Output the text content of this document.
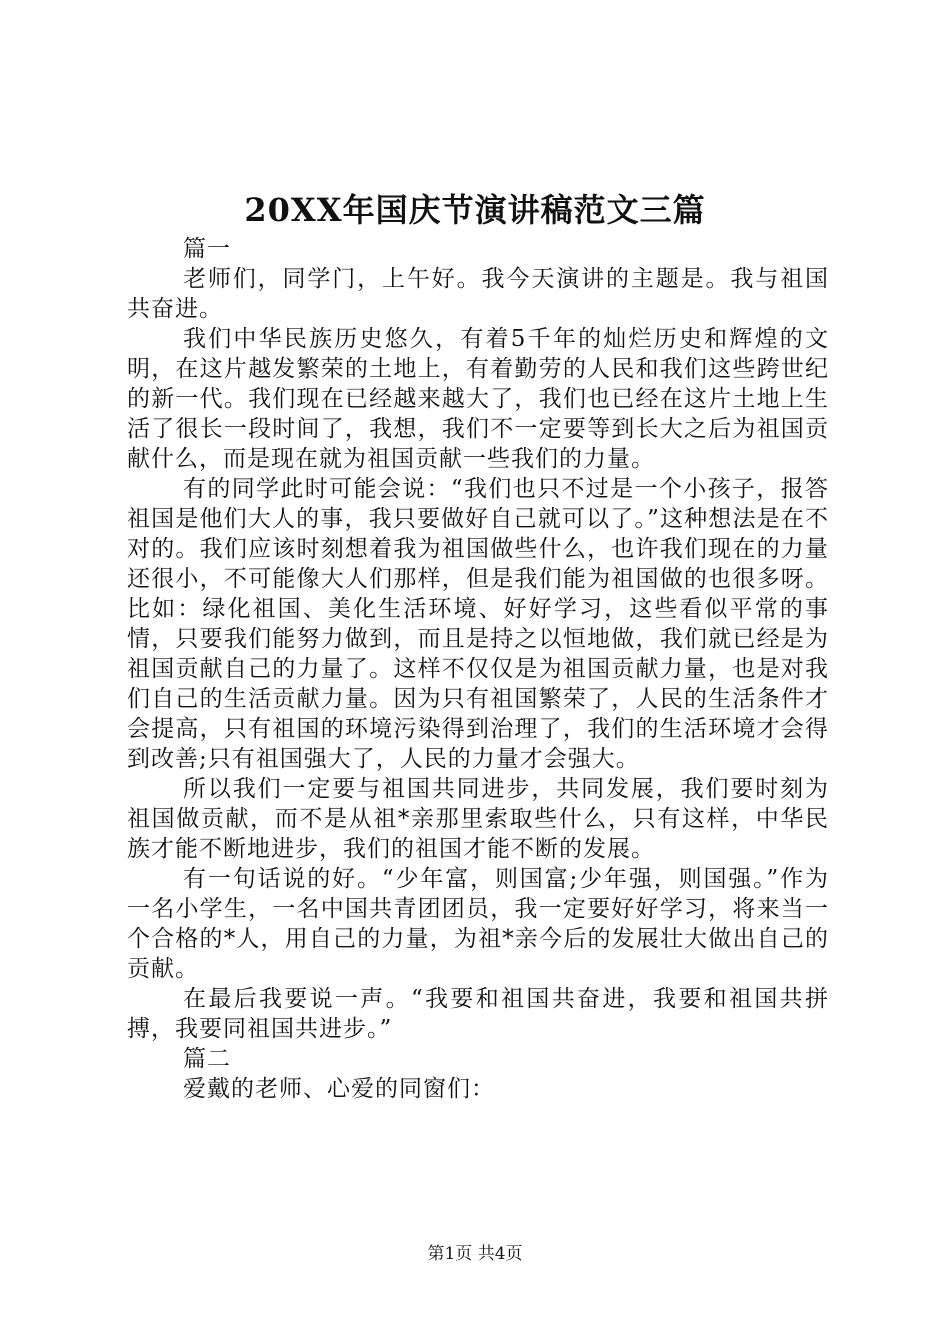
20XX年国庆节演讲稿范文三篇

篇一

老师们，同学门，上午好。我今天演讲的主题是。我与祖国共奋进。

我们中华民族历史悠久，有着5千年的灿烂历史和辉煌的文明，在这片越发繁荣的土地上，有着勤劳的人民和我们这些跨世纪的新一代。我们现在已经越来越大了，我们也已经在这片土地上生活了很长一段时间了，我想，我们不一定要等到长大之后为祖国贡献什么，而是现在就为祖国贡献一些我们的力量。

有的同学此时可能会说：“我们也只不过是一个小孩子，报答祖国是他们大人的事，我只要做好自己就可以了。”这种想法是在不对的。我们应该时刻想着我为祖国做些什么，也许我们现在的力量还很小，不可能像大人们那样，但是我们能为祖国做的也很多呀。比如：绿化祖国、美化生活环境、好好学习，这些看似平常的事情，只要我们能努力做到，而且是持之以恒地做，我们就已经是为祖国贡献自己的力量了。这样不仅仅是为祖国贡献力量，也是对我们自己的生活贡献力量。因为只有祖国繁荣了，人民的生活条件才会提高，只有祖国的环境污染得到治理了，我们的生活环境才会得到改善;只有祖国强大了，人民的力量才会强大。

所以我们一定要与祖国共同进步，共同发展，我们要时刻为祖国做贡献，而不是从祖*亲那里索取些什么，只有这样，中华民族才能不断地进步，我们的祖国才能不断的发展。

有一句话说的好。“少年富，则国富;少年强，则国强。”作为一名小学生，一名中国共青团团员，我一定要好好学习，将来当一个合格的*人，用自己的力量，为祖*亲今后的发展壮大做出自己的贡献。

在最后我要说一声。“我要和祖国共奋进，我要和祖国共拼搏，我要同祖国共进步。”

篇二

爱戴的老师、心爱的同窗们：

第1页 共4页
